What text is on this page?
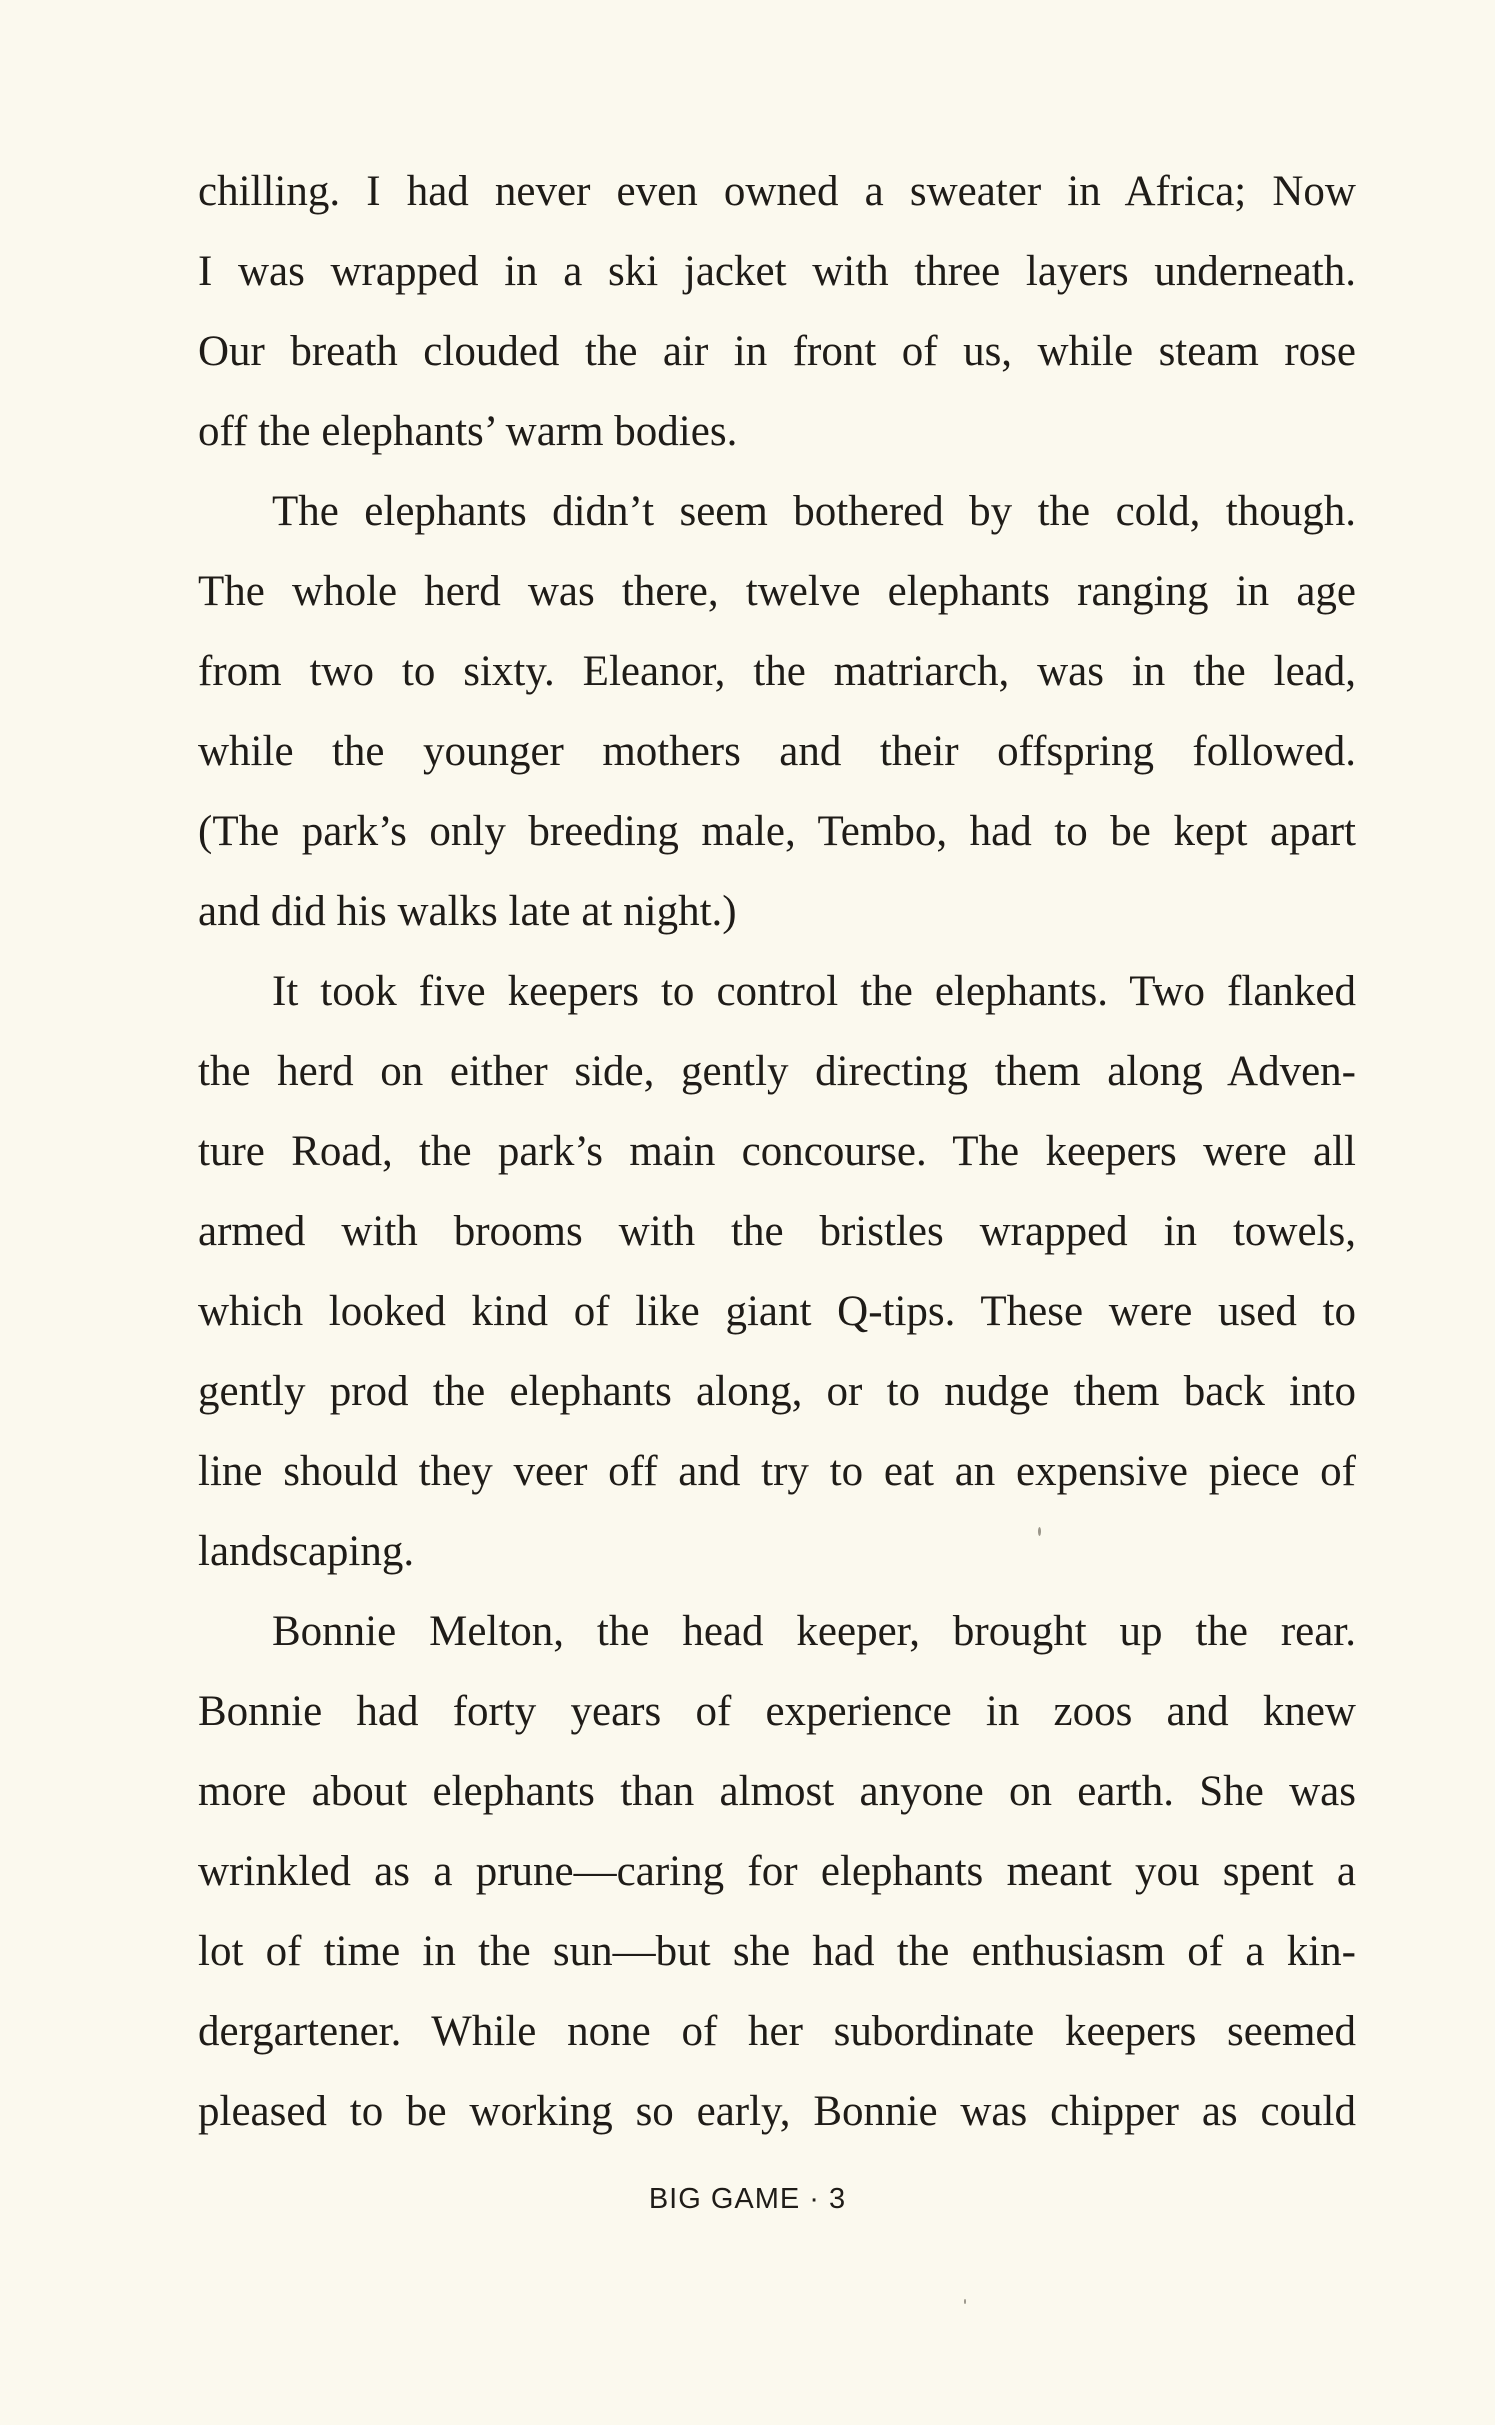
chilling. I had never even owned a sweater in Africa; Now
I was wrapped in a ski jacket with three layers underneath.
Our breath clouded the air in front of us, while steam rose
off the elephants’ warm bodies.
The elephants didn’t seem bothered by the cold, though.
The whole herd was there, twelve elephants ranging in age
from two to sixty. Eleanor, the matriarch, was in the lead,
while the younger mothers and their offspring followed.
(The park’s only breeding male, Tembo, had to be kept apart
and did his walks late at night.)
It took five keepers to control the elephants. Two flanked
the herd on either side, gently directing them along Adven-
ture Road, the park’s main concourse. The keepers were all
armed with brooms with the bristles wrapped in towels,
which looked kind of like giant Q-tips. These were used to
gently prod the elephants along, or to nudge them back into
line should they veer off and try to eat an expensive piece of
landscaping.
Bonnie Melton, the head keeper, brought up the rear.
Bonnie had forty years of experience in zoos and knew
more about elephants than almost anyone on earth. She was
wrinkled as a prune—caring for elephants meant you spent a
lot of time in the sun—but she had the enthusiasm of a kin-
dergartener. While none of her subordinate keepers seemed
pleased to be working so early, Bonnie was chipper as could
BIG GAME · 3
